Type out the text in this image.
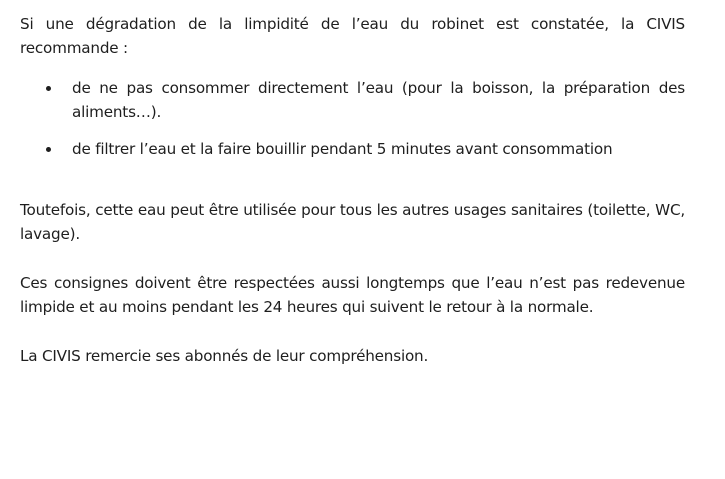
Si une dégradation de la limpidité de l’eau du robinet est constatée, la CIVIS recommande :

de ne pas consommer directement l’eau (pour la boisson, la préparation des aliments…).
de filtrer l’eau et la faire bouillir pendant 5 minutes avant consommation

Toutefois, cette eau peut être utilisée pour tous les autres usages sanitaires (toilette, WC, lavage).

Ces consignes doivent être respectées aussi longtemps que l’eau n’est pas redevenue limpide et au moins pendant les 24 heures qui suivent le retour à la normale.

La CIVIS remercie ses abonnés de leur compréhension.
